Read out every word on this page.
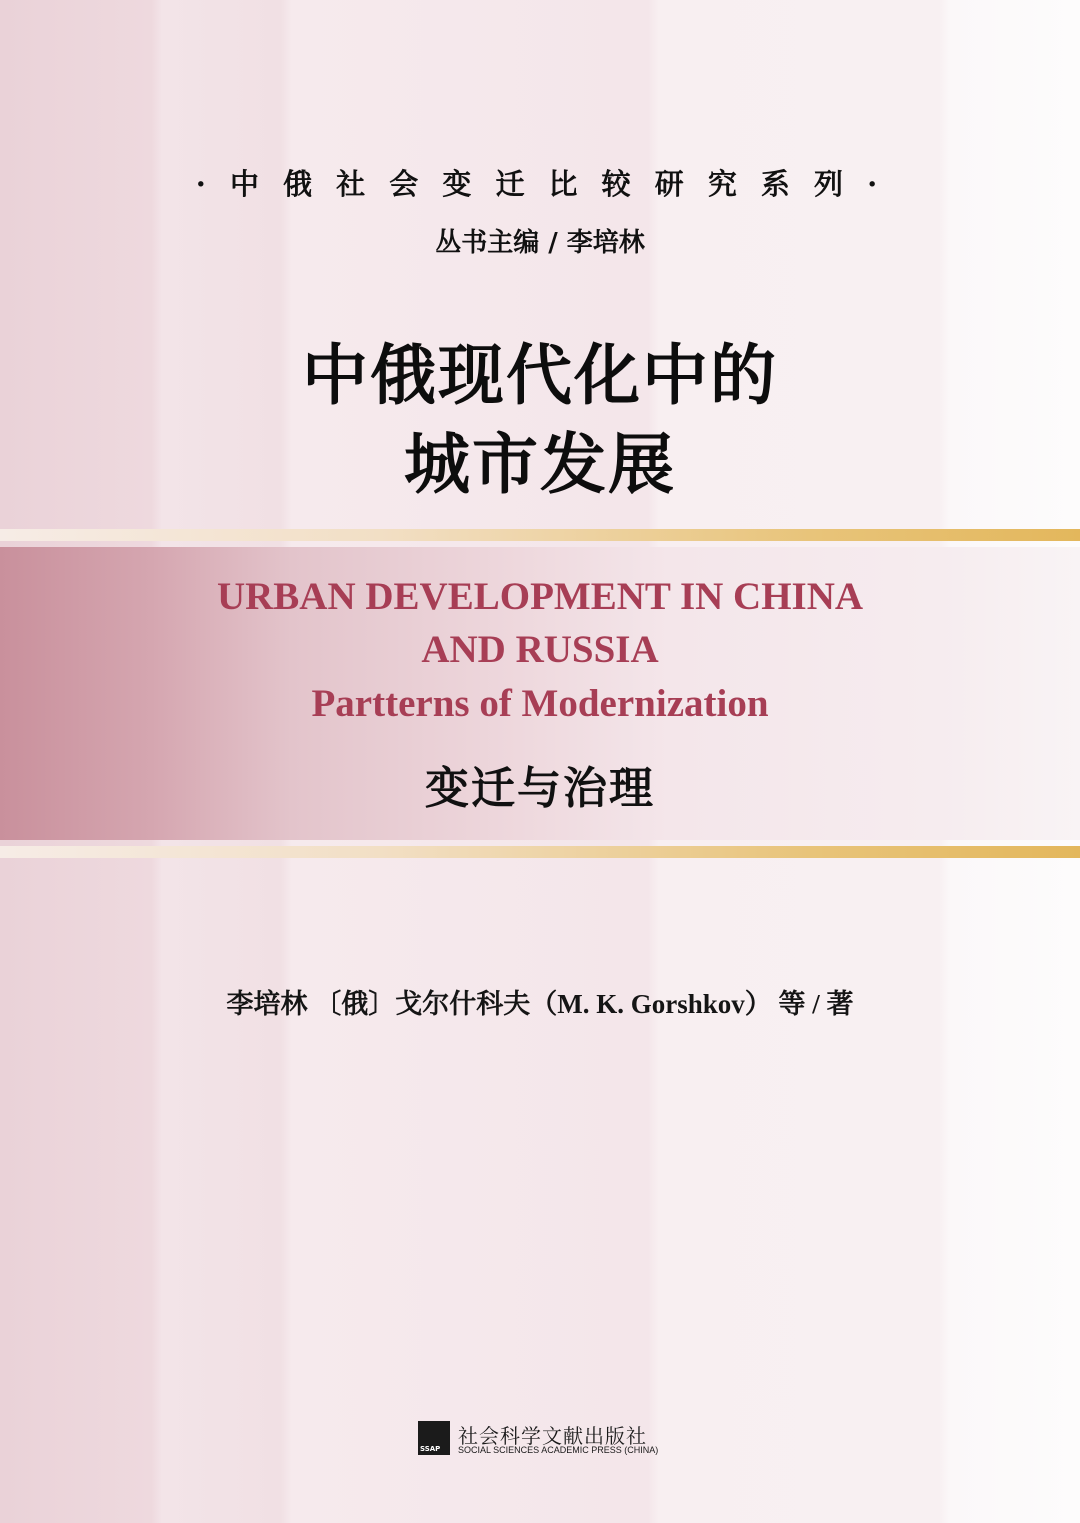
· 中 俄 社 会 变 迁 比 较 研 究 系 列 ·
丛书主编 / 李培林
中俄现代化中的
城市发展
URBAN DEVELOPMENT IN CHINA
AND RUSSIA
Partterns of Modernization
变迁与治理
李培林 〔俄〕戈尔什科夫（M. K. Gorshkov） 等 / 著
SSAP
社会科学文献出版社
SOCIAL SCIENCES ACADEMIC PRESS (CHINA)
